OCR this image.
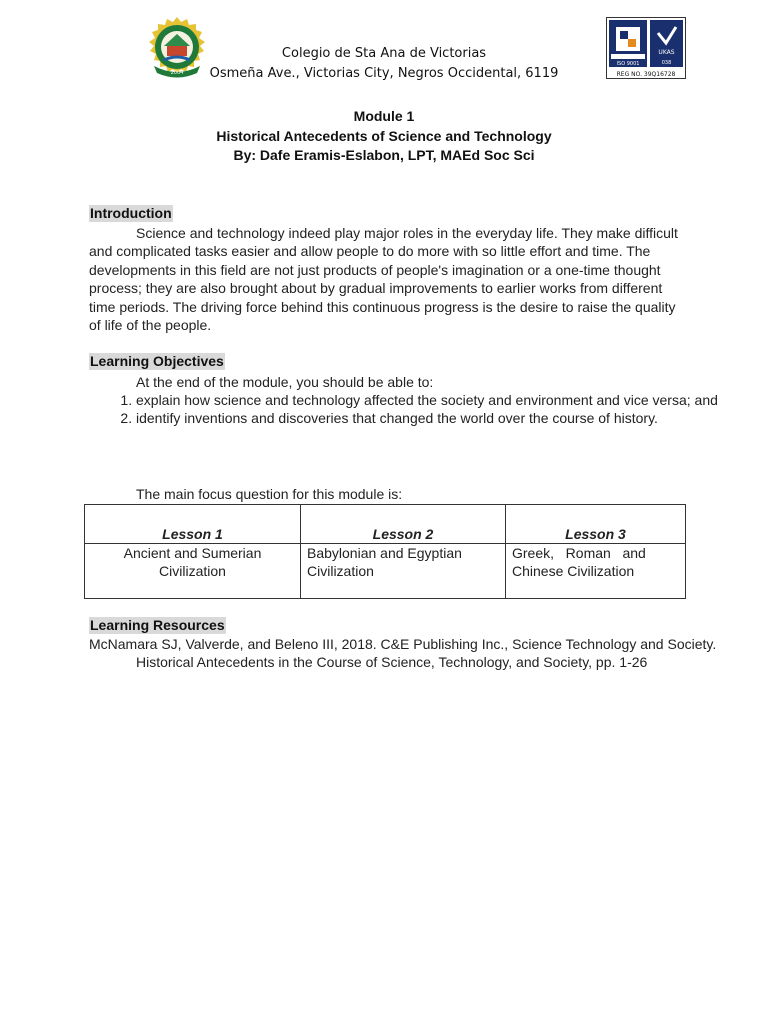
2004
ISO 9001
UKAS
038
REG NO. 39Q16728
Colegio de Sta Ana de Victorias
Osmeña Ave., Victorias City, Negros Occidental, 6119
Module 1
Historical Antecedents of Science and Technology
By: Dafe Eramis-Eslabon, LPT, MAEd Soc Sci
Introduction
Science and technology indeed play major roles in the everyday life. They make difficult and complicated tasks easier and allow people to do more with so little effort and time. The developments in this field are not just products of people's imagination or a one-time thought process; they are also brought about by gradual improvements to earlier works from different time periods. The driving force behind this continuous progress is the desire to raise the quality of life of the people.
Learning Objectives
At the end of the module, you should be able to:
1. explain how science and technology affected the society and environment and vice versa; and
2. identify inventions and discoveries that changed the world over the course of history.
The main focus question for this module is:
Lesson 1	Lesson 2	Lesson 3
Ancient and Sumerian Civilization	Babylonian and Egyptian Civilization	Greek,   Roman   and Chinese Civilization
Learning Resources
McNamara SJ, Valverde, and Beleno III, 2018. C&E Publishing Inc., Science Technology and Society. Historical Antecedents in the Course of Science, Technology, and Society, pp. 1-26
